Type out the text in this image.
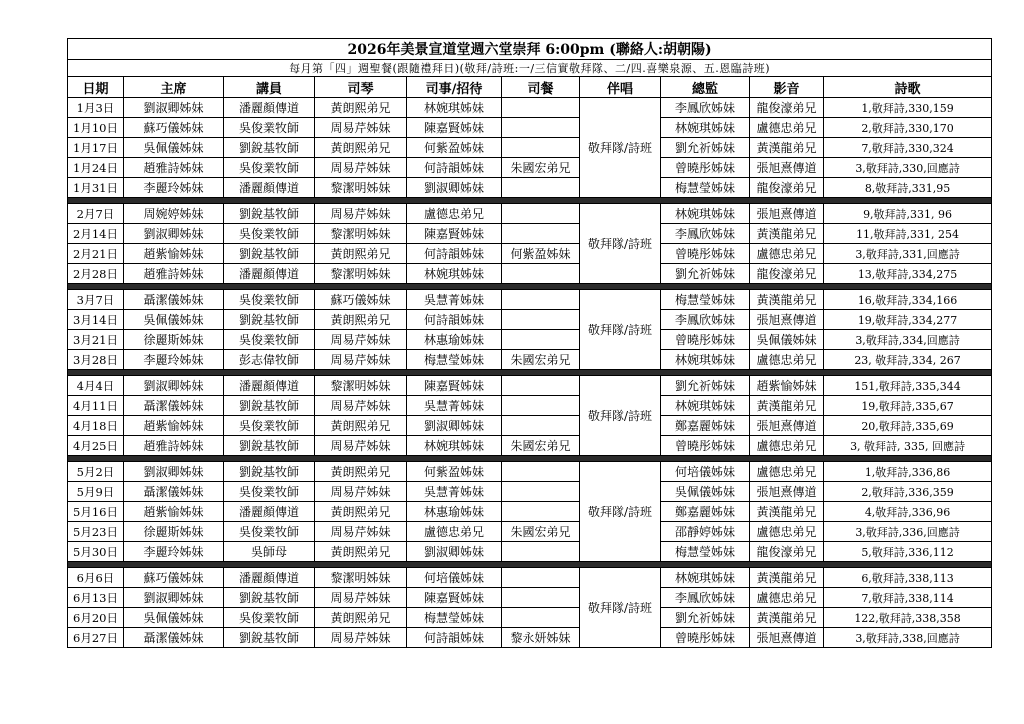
2026年美景宣道堂週六堂崇拜 6:00pm (聯絡人:胡朝陽)									
每月第「四」週聖餐(跟隨禮拜日)(敬拜/詩班:一/三信實敬拜隊、二/四.喜樂泉源、五.恩臨詩班)									
日期	主席	講員	司琴	司事/招待	司餐	伴唱	總監	影音	詩歌
1月3日	劉淑卿姊妹	潘麗顏傳道	黃朗熙弟兄	林婉琪姊妹		敬拜隊/詩班	李鳳欣姊妹	龍俊濠弟兄	1,敬拜詩,330,159
1月10日	蘇巧儀姊妹	吳俊業牧師	周易芹姊妹	陳嘉賢姊妹			林婉琪姊妹	盧德忠弟兄	2,敬拜詩,330,170
1月17日	吳佩儀姊妹	劉銳基牧師	黃朗熙弟兄	何紫盈姊妹			劉允祈姊妹	黃漢龍弟兄	7,敬拜詩,330,324
1月24日	趙雅詩姊妹	吳俊業牧師	周易芹姊妹	何詩韻姊妹	朱國宏弟兄		曾曉彤姊妹	張旭熹傳道	3,敬拜詩,330,回應詩
1月31日	李麗玲姊妹	潘麗顏傳道	黎潔明姊妹	劉淑卿姊妹			梅慧瑩姊妹	龍俊濠弟兄	8,敬拜詩,331,95

2月7日	周婉婷姊妹	劉銳基牧師	周易芹姊妹	盧德忠弟兄		敬拜隊/詩班	林婉琪姊妹	張旭熹傳道	9,敬拜詩,331, 96
2月14日	劉淑卿姊妹	吳俊業牧師	黎潔明姊妹	陳嘉賢姊妹			李鳳欣姊妹	黃漢龍弟兄	11,敬拜詩,331, 254
2月21日	趙紫愉姊妹	劉銳基牧師	黃朗熙弟兄	何詩韻姊妹	何紫盈姊妹		曾曉彤姊妹	盧德忠弟兄	3,敬拜詩,331,回應詩
2月28日	趙雅詩姊妹	潘麗顏傳道	黎潔明姊妹	林婉琪姊妹			劉允祈姊妹	龍俊濠弟兄	13,敬拜詩,334,275

3月7日	聶潔儀姊妹	吳俊業牧師	蘇巧儀姊妹	吳慧菁姊妹		敬拜隊/詩班	梅慧瑩姊妹	黃漢龍弟兄	16,敬拜詩,334,166
3月14日	吳佩儀姊妹	劉銳基牧師	黃朗熙弟兄	何詩韻姊妹			李鳳欣姊妹	張旭熹傳道	19,敬拜詩,334,277
3月21日	徐麗斯姊妹	吳俊業牧師	周易芹姊妹	林惠瑜姊妹			曾曉彤姊妹	吳佩儀姊妹	3,敬拜詩,334,回應詩
3月28日	李麗玲姊妹	彭志偉牧師	周易芹姊妹	梅慧瑩姊妹	朱國宏弟兄		林婉琪姊妹	盧德忠弟兄	23, 敬拜詩,334, 267

4月4日	劉淑卿姊妹	潘麗顏傳道	黎潔明姊妹	陳嘉賢姊妹		敬拜隊/詩班	劉允祈姊妹	趙紫愉姊妹	151,敬拜詩,335,344
4月11日	聶潔儀姊妹	劉銳基牧師	周易芹姊妹	吳慧菁姊妹			林婉琪姊妹	黃漢龍弟兄	19,敬拜詩,335,67
4月18日	趙紫愉姊妹	吳俊業牧師	黃朗熙弟兄	劉淑卿姊妹			鄭嘉麗姊妹	張旭熹傳道	20,敬拜詩,335,69
4月25日	趙雅詩姊妹	劉銳基牧師	周易芹姊妹	林婉琪姊妹	朱國宏弟兄		曾曉彤姊妹	盧德忠弟兄	3, 敬拜詩, 335, 回應詩

5月2日	劉淑卿姊妹	劉銳基牧師	黃朗熙弟兄	何紫盈姊妹		敬拜隊/詩班	何培儀姊妹	盧德忠弟兄	1,敬拜詩,336,86
5月9日	聶潔儀姊妹	吳俊業牧師	周易芹姊妹	吳慧菁姊妹			吳佩儀姊妹	張旭熹傳道	2,敬拜詩,336,359
5月16日	趙紫愉姊妹	潘麗顏傳道	黃朗熙弟兄	林惠瑜姊妹			鄭嘉麗姊妹	黃漢龍弟兄	4,敬拜詩,336,96
5月23日	徐麗斯姊妹	吳俊業牧師	周易芹姊妹	盧德忠弟兄	朱國宏弟兄		邵靜婷姊妹	盧德忠弟兄	3,敬拜詩,336,回應詩
5月30日	李麗玲姊妹	吳師母	黃朗熙弟兄	劉淑卿姊妹			梅慧瑩姊妹	龍俊濠弟兄	5,敬拜詩,336,112

6月6日	蘇巧儀姊妹	潘麗顏傳道	黎潔明姊妹	何培儀姊妹		敬拜隊/詩班	林婉琪姊妹	黃漢龍弟兄	6,敬拜詩,338,113
6月13日	劉淑卿姊妹	劉銳基牧師	周易芹姊妹	陳嘉賢姊妹			李鳳欣姊妹	盧德忠弟兄	7,敬拜詩,338,114
6月20日	吳佩儀姊妹	吳俊業牧師	黃朗熙弟兄	梅慧瑩姊妹			劉允祈姊妹	黃漢龍弟兄	122,敬拜詩,338,358
6月27日	聶潔儀姊妹	劉銳基牧師	周易芹姊妹	何詩韻姊妹	黎永妍姊妹		曾曉彤姊妹	張旭熹傳道	3,敬拜詩,338,回應詩
